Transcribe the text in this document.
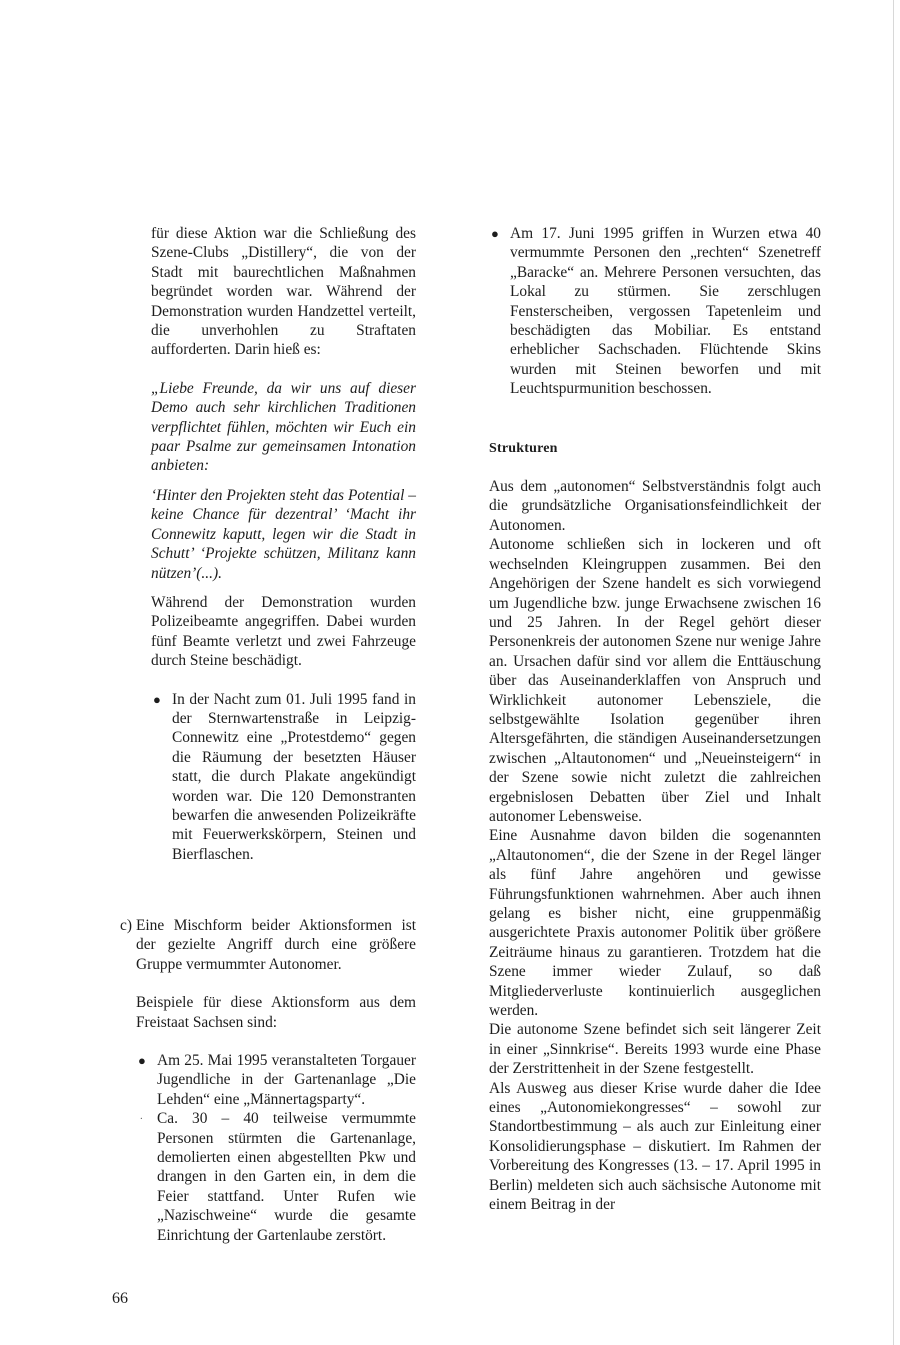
für diese Aktion war die Schließung des Szene-Clubs „Distillery“, die von der Stadt mit baurechtlichen Maßnahmen begründet worden war. Während der Demonstration wurden Handzettel verteilt, die unverhohlen zu Straftaten aufforderten. Darin hieß es:

„Liebe Freunde, da wir uns auf dieser Demo auch sehr kirchlichen Traditionen verpflichtet fühlen, möchten wir Euch ein paar Psalme zur gemeinsamen Intonation anbieten:

‘Hinter den Projekten steht das Potential – keine Chance für dezentral’ ‘Macht ihr Connewitz kaputt, legen wir die Stadt in Schutt’ ‘Projekte schützen, Militanz kann nützen’(...).

Während der Demonstration wurden Polizeibeamte angegriffen. Dabei wurden fünf Beamte verletzt und zwei Fahrzeuge durch Steine beschädigt.

● In der Nacht zum 01. Juli 1995 fand in der Sternwartenstraße in Leipzig-Connewitz eine „Protestdemo“ gegen die Räumung der besetzten Häuser statt, die durch Plakate angekündigt worden war. Die 120 Demonstranten bewarfen die anwesenden Polizeikräfte mit Feuerwerkskörpern, Steinen und Bierflaschen.
c) Eine Mischform beider Aktionsformen ist der gezielte Angriff durch eine größere Gruppe vermummter Autonomer.

Beispiele für diese Aktionsform aus dem Freistaat Sachsen sind:

● Am 25. Mai 1995 veranstalteten Torgauer Jugendliche in der Gartenanlage „Die Lehden“ eine „Männertagsparty“.
. Ca. 30 – 40 teilweise vermummte Personen stürmten die Gartenanlage, demolierten einen abgestellten Pkw und drangen in den Garten ein, in dem die Feier stattfand. Unter Rufen wie „Nazischweine“ wurde die gesamte Einrichtung der Gartenlaube zerstört.
● Am 17. Juni 1995 griffen in Wurzen etwa 40 vermummte Personen den „rechten“ Szenetreff „Baracke“ an. Mehrere Personen versuchten, das Lokal zu stürmen. Sie zerschlugen Fensterscheiben, vergossen Tapetenleim und beschädigten das Mobiliar. Es entstand erheblicher Sachschaden. Flüchtende Skins wurden mit Steinen beworfen und mit Leuchtspurmunition beschossen.

Strukturen

Aus dem „autonomen“ Selbstverständnis folgt auch die grundsätzliche Organisationsfeindlichkeit der Autonomen.

Autonome schließen sich in lockeren und oft wechselnden Kleingruppen zusammen. Bei den Angehörigen der Szene handelt es sich vorwiegend um Jugendliche bzw. junge Erwachsene zwischen 16 und 25 Jahren. In der Regel gehört dieser Personenkreis der autonomen Szene nur wenige Jahre an. Ursachen dafür sind vor allem die Enttäuschung über das Auseinanderklaffen von Anspruch und Wirklichkeit autonomer Lebensziele, die selbstgewählte Isolation gegenüber ihren Altersgefährten, die ständigen Auseinandersetzungen zwischen „Altautonomen“ und „Neueinsteigern“ in der Szene sowie nicht zuletzt die zahlreichen ergebnislosen Debatten über Ziel und Inhalt autonomer Lebensweise.

Eine Ausnahme davon bilden die sogenannten „Altautonomen“, die der Szene in der Regel länger als fünf Jahre angehören und gewisse Führungsfunktionen wahrnehmen. Aber auch ihnen gelang es bisher nicht, eine gruppenmäßig ausgerichtete Praxis autonomer Politik über größere Zeiträume hinaus zu garantieren. Trotzdem hat die Szene immer wieder Zulauf, so daß Mitgliederverluste kontinuierlich ausgeglichen werden.

Die autonome Szene befindet sich seit längerer Zeit in einer „Sinnkrise“. Bereits 1993 wurde eine Phase der Zerstrittenheit in der Szene festgestellt.

Als Ausweg aus dieser Krise wurde daher die Idee eines „Autonomiekongresses“ – sowohl zur Standortbestimmung – als auch zur Einleitung einer Konsolidierungsphase – diskutiert. Im Rahmen der Vorbereitung des Kongresses (13. – 17. April 1995 in Berlin) meldeten sich auch sächsische Autonome mit einem Beitrag in der

66
